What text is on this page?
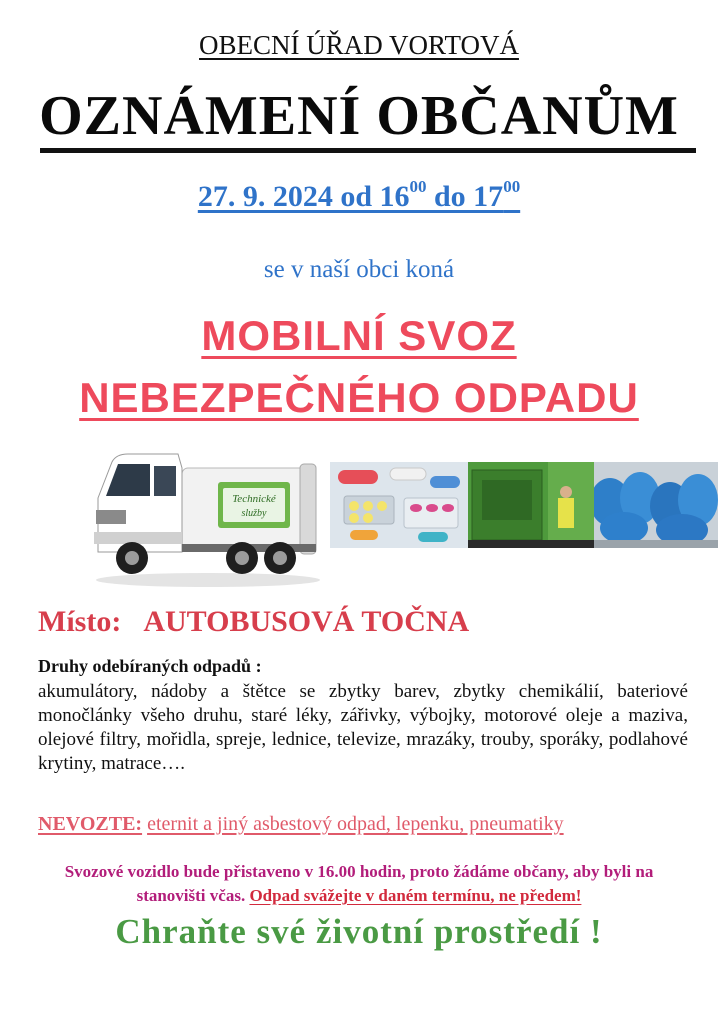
OBECNÍ ÚŘAD VORTOVÁ
OZNÁMENÍ OBČANŮM
27. 9. 2024 od $16^{00}$ do $17^{00}$
se v naší obci koná
MOBILNÍ SVOZ
NEBEZPEČNÉHO ODPADU
Technické
služby
Místo: AUTOBUSOVÁ TOČNA
Druhy odebíraných odpadů :
akumulátory, nádoby a štětce se zbytky barev, zbytky chemikálií, bateriové monočlánky všeho druhu, staré léky, zářivky, výbojky, motorové oleje a maziva, olejové filtry, mořidla, spreje, lednice, televize, mrazáky, trouby, sporáky, podlahové krytiny, matrace….
NEVOZTE: eternit a jiný asbestový odpad, lepenku, pneumatiky
Svozové vozidlo bude přistaveno v 16.00 hodin, proto žádáme občany, aby byli na stanovišti včas. Odpad svážejte v daném termínu, ne předem!
Chraňte své životní prostředí !
